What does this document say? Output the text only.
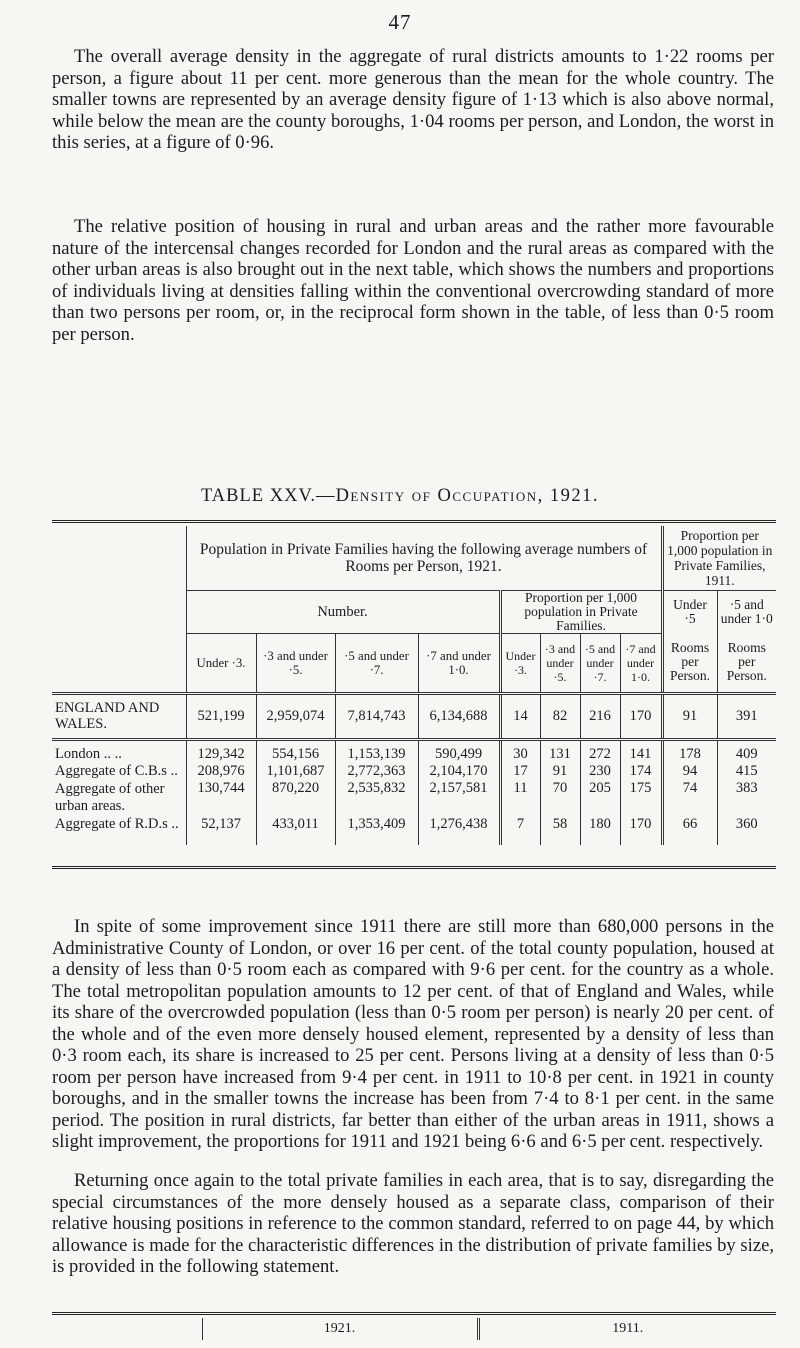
47

The overall average density in the aggregate of rural districts amounts to 1·22 rooms per person, a figure about 11 per cent. more generous than the mean for the whole country. The smaller towns are represented by an average density figure of 1·13 which is also above normal, while below the mean are the county boroughs, 1·04 rooms per person, and London, the worst in this series, at a figure of 0·96.

The relative position of housing in rural and urban areas and the rather more favourable nature of the intercensal changes recorded for London and the rural areas as compared with the other urban areas is also brought out in the next table, which shows the numbers and proportions of individuals living at densities falling within the conventional overcrowding standard of more than two persons per room, or, in the reciprocal form shown in the table, of less than 0·5 room per person.

TABLE XXV.—Density of Occupation, 1921.
	Population in Private Families having the following average numbers of Rooms per Person, 1921.								Proportion per 1,000 population in Private Families, 1911.	
	Number.				Proportion per 1,000 population in Private Families.				Under ·5	·5 and under 1·0
	Under ·3.	·3 and under ·5.	·5 and under ·7.	·7 and under 1·0.	Under ·3.	·3 and under ·5.	·5 and under ·7.	·7 and under 1·0.	Rooms per Person.	Rooms per Person.
ENGLAND AND WALES.	521,199	2,959,074	7,814,743	6,134,688	14	82	216	170	91	391
London .. ..	129,342	554,156	1,153,139	590,499	30	131	272	141	178	409
Aggregate of C.B.s ..	208,976	1,101,687	2,772,363	2,104,170	17	91	230	174	94	415
Aggregate of other urban areas.	130,744	870,220	2,535,832	2,157,581	11	70	205	175	74	383
Aggregate of R.D.s ..	52,137	433,011	1,353,409	1,276,438	7	58	180	170	66	360

In spite of some improvement since 1911 there are still more than 680,000 persons in the Administrative County of London, or over 16 per cent. of the total county population, housed at a density of less than 0·5 room each as compared with 9·6 per cent. for the country as a whole. The total metropolitan population amounts to 12 per cent. of that of England and Wales, while its share of the overcrowded population (less than 0·5 room per person) is nearly 20 per cent. of the whole and of the even more densely housed element, represented by a density of less than 0·3 room each, its share is increased to 25 per cent. Persons living at a density of less than 0·5 room per person have increased from 9·4 per cent. in 1911 to 10·8 per cent. in 1921 in county boroughs, and in the smaller towns the increase has been from 7·4 to 8·1 per cent. in the same period. The position in rural districts, far better than either of the urban areas in 1911, shows a slight improvement, the proportions for 1911 and 1921 being 6·6 and 6·5 per cent. respectively.

Returning once again to the total private families in each area, that is to say, disregarding the special circumstances of the more densely housed as a separate class, comparison of their relative housing positions in reference to the common standard, referred to on page 44, by which allowance is made for the characteristic differences in the distribution of private families by size, is provided in the following statement.

	1921.	1911.
